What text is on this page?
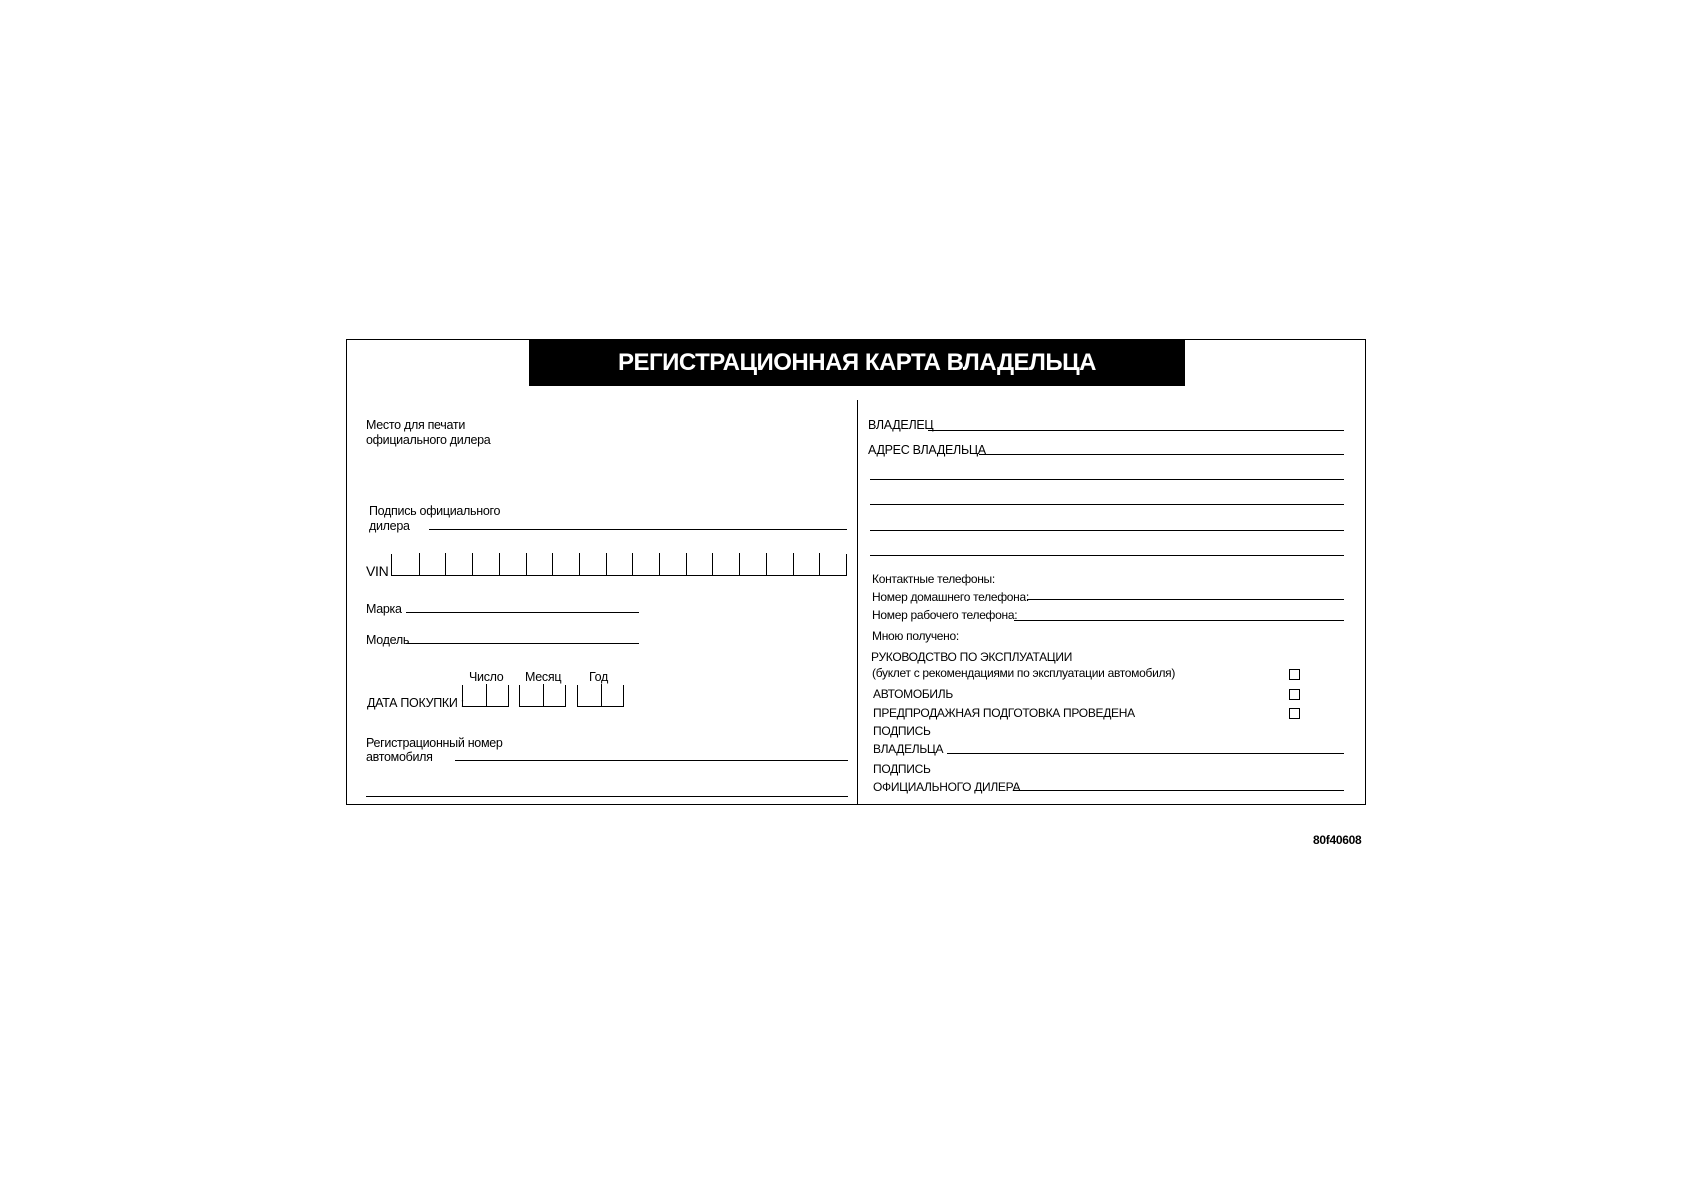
РЕГИСТРАЦИОННАЯ КАРТА ВЛАДЕЛЬЦА
Место для печати
официального дилера
Подпись официального
дилера
VIN
Марка
Модель
Число Месяц Год
ДАТА ПОКУПКИ :
Регистрационный номер
автомобиля
ВЛАДЕЛЕЦ
АДРЕС ВЛАДЕЛЬЦА
Контактные телефоны:
Номер домашнего телефона:
Номер рабочего телефона:
Мною получено:
РУКОВОДСТВО ПО ЭКСПЛУАТАЦИИ
(буклет с рекомендациями по эксплуатации автомобиля)
АВТОМОБИЛЬ
ПРЕДПРОДАЖНАЯ ПОДГОТОВКА ПРОВЕДЕНА
ПОДПИСЬ
ВЛАДЕЛЬЦА
ПОДПИСЬ
ОФИЦИАЛЬНОГО ДИЛЕРА
80f40608
